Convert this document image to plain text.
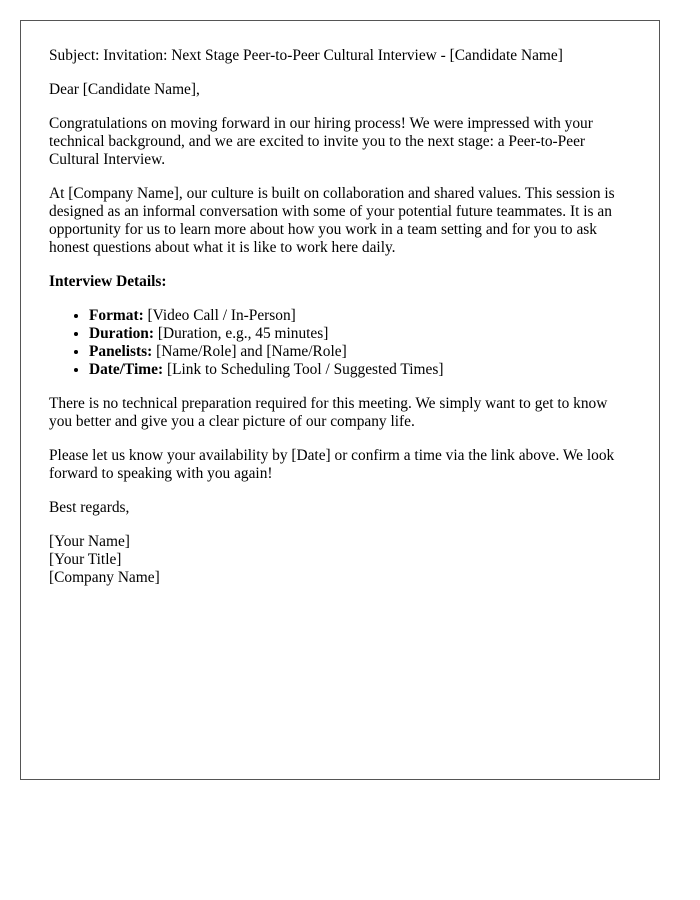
Subject: Invitation: Next Stage Peer-to-Peer Cultural Interview - [Candidate Name]

Dear [Candidate Name],

Congratulations on moving forward in our hiring process! We were impressed with your technical background, and we are excited to invite you to the next stage: a Peer-to-Peer Cultural Interview.

At [Company Name], our culture is built on collaboration and shared values. This session is designed as an informal conversation with some of your potential future teammates. It is an opportunity for us to learn more about how you work in a team setting and for you to ask honest questions about what it is like to work here daily.

Interview Details:

• Format: [Video Call / In-Person]
• Duration: [Duration, e.g., 45 minutes]
• Panelists: [Name/Role] and [Name/Role]
• Date/Time: [Link to Scheduling Tool / Suggested Times]

There is no technical preparation required for this meeting. We simply want to get to know you better and give you a clear picture of our company life.

Please let us know your availability by [Date] or confirm a time via the link above. We look forward to speaking with you again!

Best regards,

[Your Name]
[Your Title]
[Company Name]
